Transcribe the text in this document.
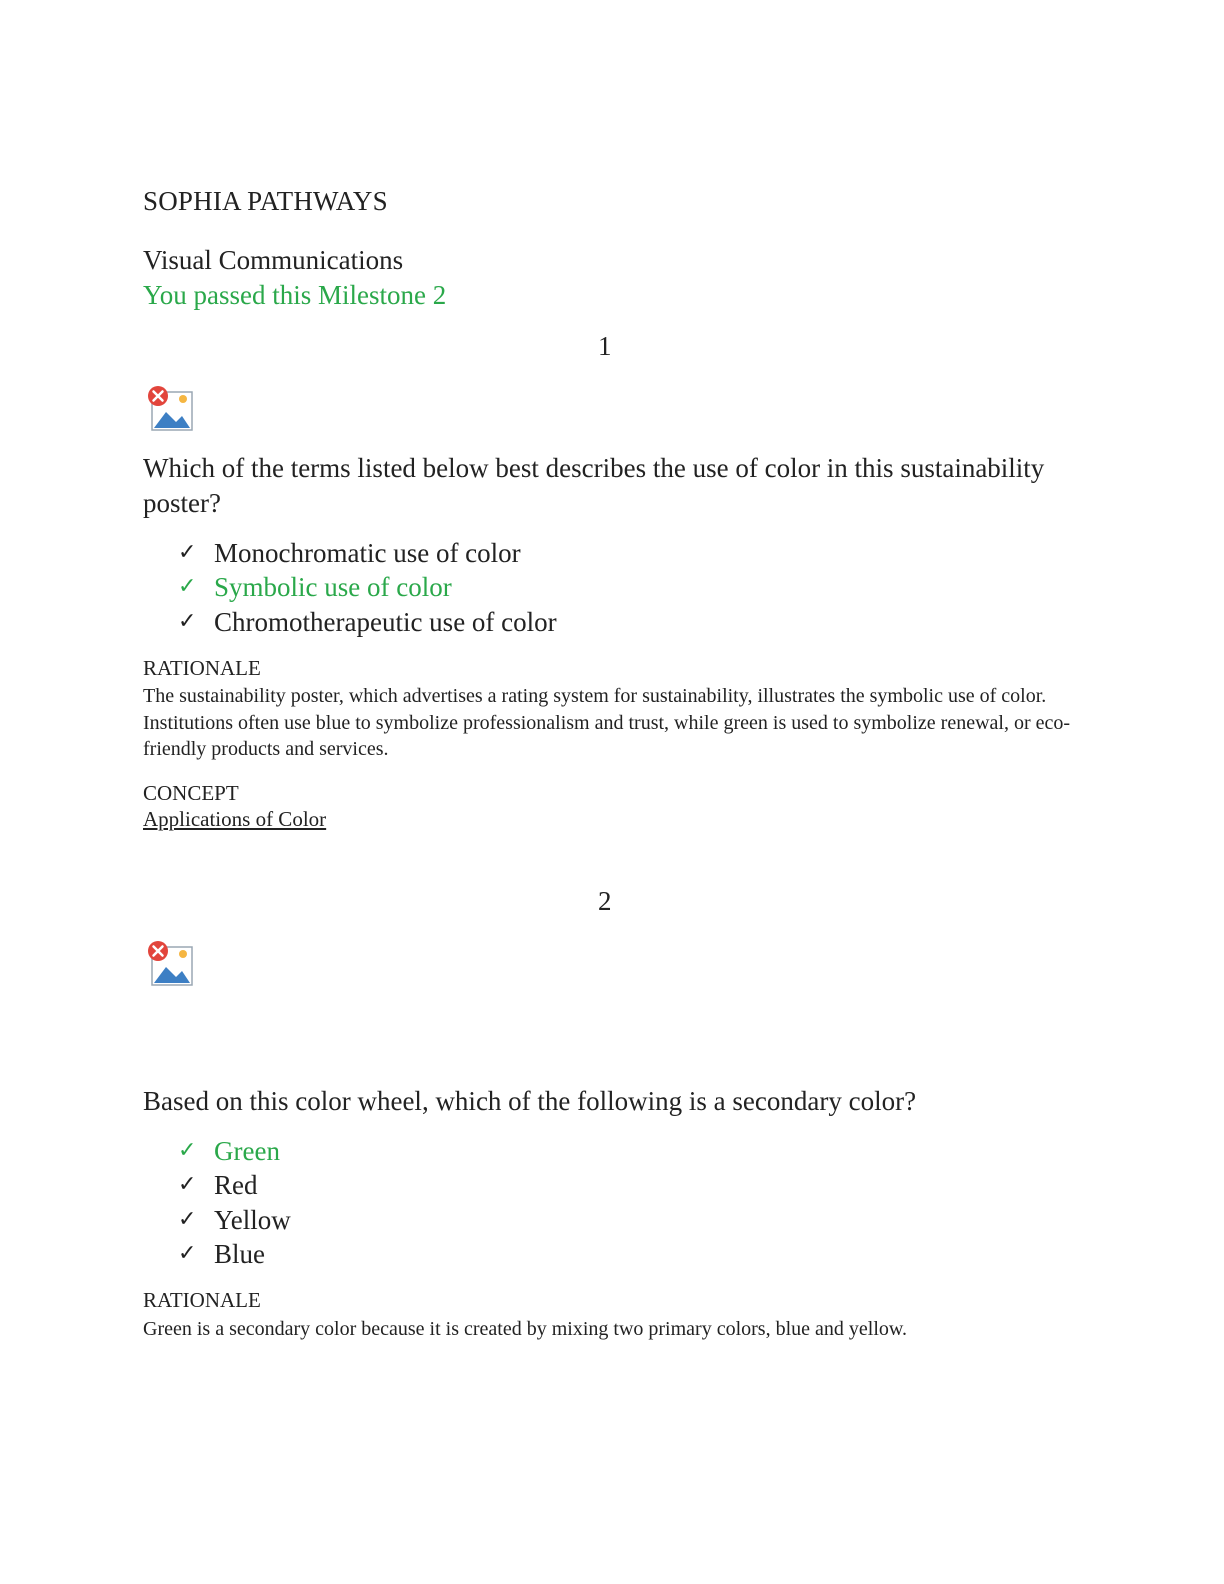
SOPHIA PATHWAYS
Visual Communications
You passed this Milestone 2
1
Which of the terms listed below best describes the use of color in this sustainability poster?
✓ Monochromatic use of color
✓ Symbolic use of color
✓ Chromotherapeutic use of color
RATIONALE
The sustainability poster, which advertises a rating system for sustainability, illustrates the symbolic use of color. Institutions often use blue to symbolize professionalism and trust, while green is used to symbolize renewal, or eco-friendly products and services.
CONCEPT
Applications of Color
2
Based on this color wheel, which of the following is a secondary color?
✓ Green
✓ Red
✓ Yellow
✓ Blue
RATIONALE
Green is a secondary color because it is created by mixing two primary colors, blue and yellow.
